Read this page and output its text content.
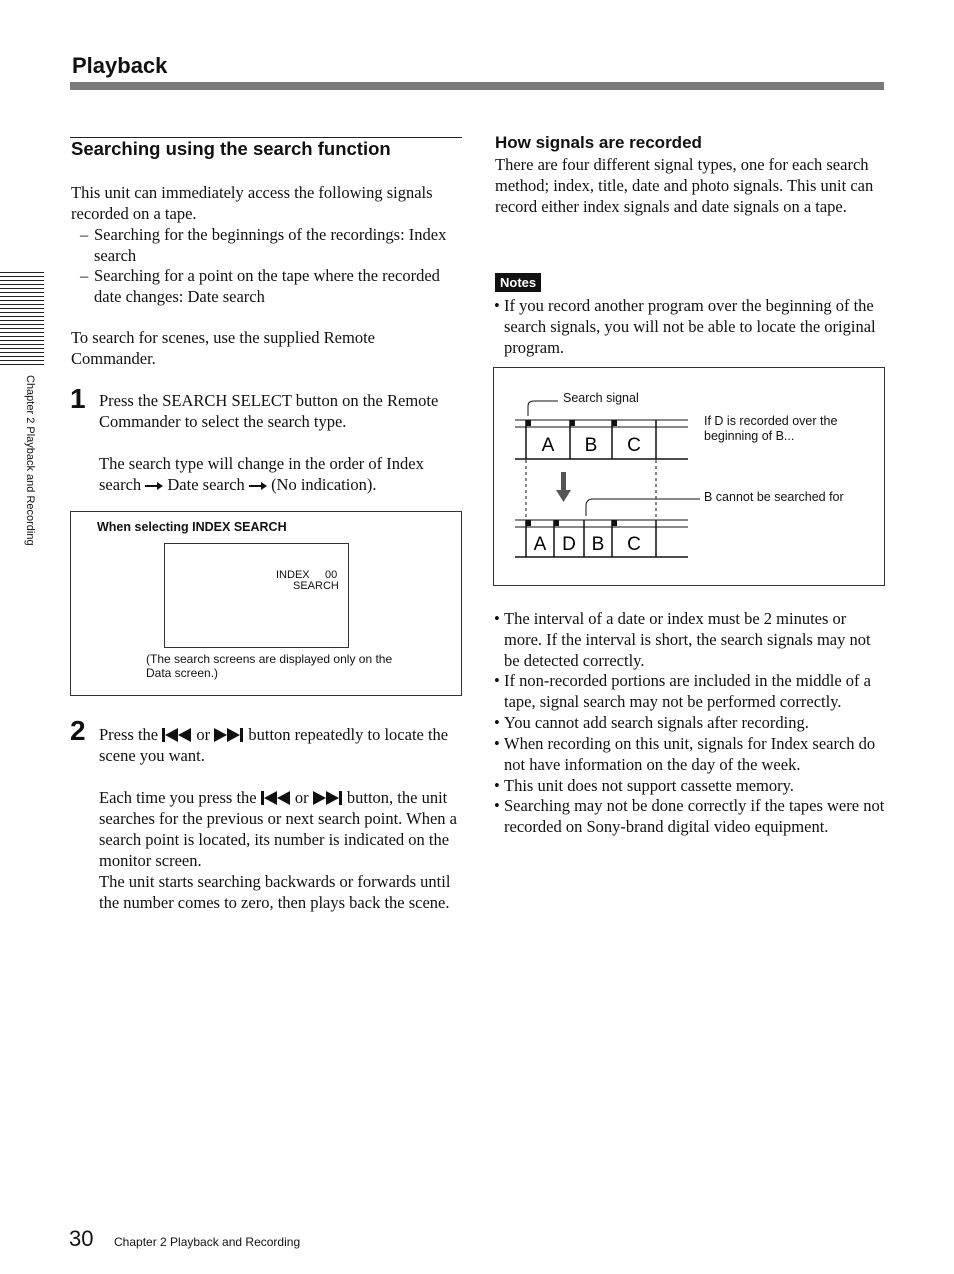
Playback
Chapter 2 Playback and Recording
Searching using the search function
This unit can immediately access the following signals recorded on a tape.
– Searching for the beginnings of the recordings: Index search
– Searching for a point on the tape where the recorded date changes: Date search
To search for scenes, use the supplied Remote Commander.
1 Press the SEARCH SELECT button on the Remote Commander to select the search type.
The search type will change in the order of Index search Date search (No indication).
When selecting INDEX SEARCH
INDEX 00
SEARCH
(The search screens are displayed only on the Data screen.)
2 Press the or button repeatedly to locate the scene you want.
Each time you press the or button, the unit searches for the previous or next search point. When a search point is located, its number is indicated on the monitor screen.
The unit starts searching backwards or forwards until the number comes to zero, then plays back the scene.
How signals are recorded
There are four different signal types, one for each search method; index, title, date and photo signals. This unit can record either index signals and date signals on a tape.
Notes
• If you record another program over the beginning of the search signals, you will not be able to locate the original program.
A B C
A D B C
Search signal
If D is recorded over the beginning of B...
B cannot be searched for
• The interval of a date or index must be 2 minutes or more. If the interval is short, the search signals may not be detected correctly.
• If non-recorded portions are included in the middle of a tape, signal search may not be performed correctly.
• You cannot add search signals after recording.
• When recording on this unit, signals for Index search do not have information on the day of the week.
• This unit does not support cassette memory.
• Searching may not be done correctly if the tapes were not recorded on Sony-brand digital video equipment.
30 Chapter 2 Playback and Recording
